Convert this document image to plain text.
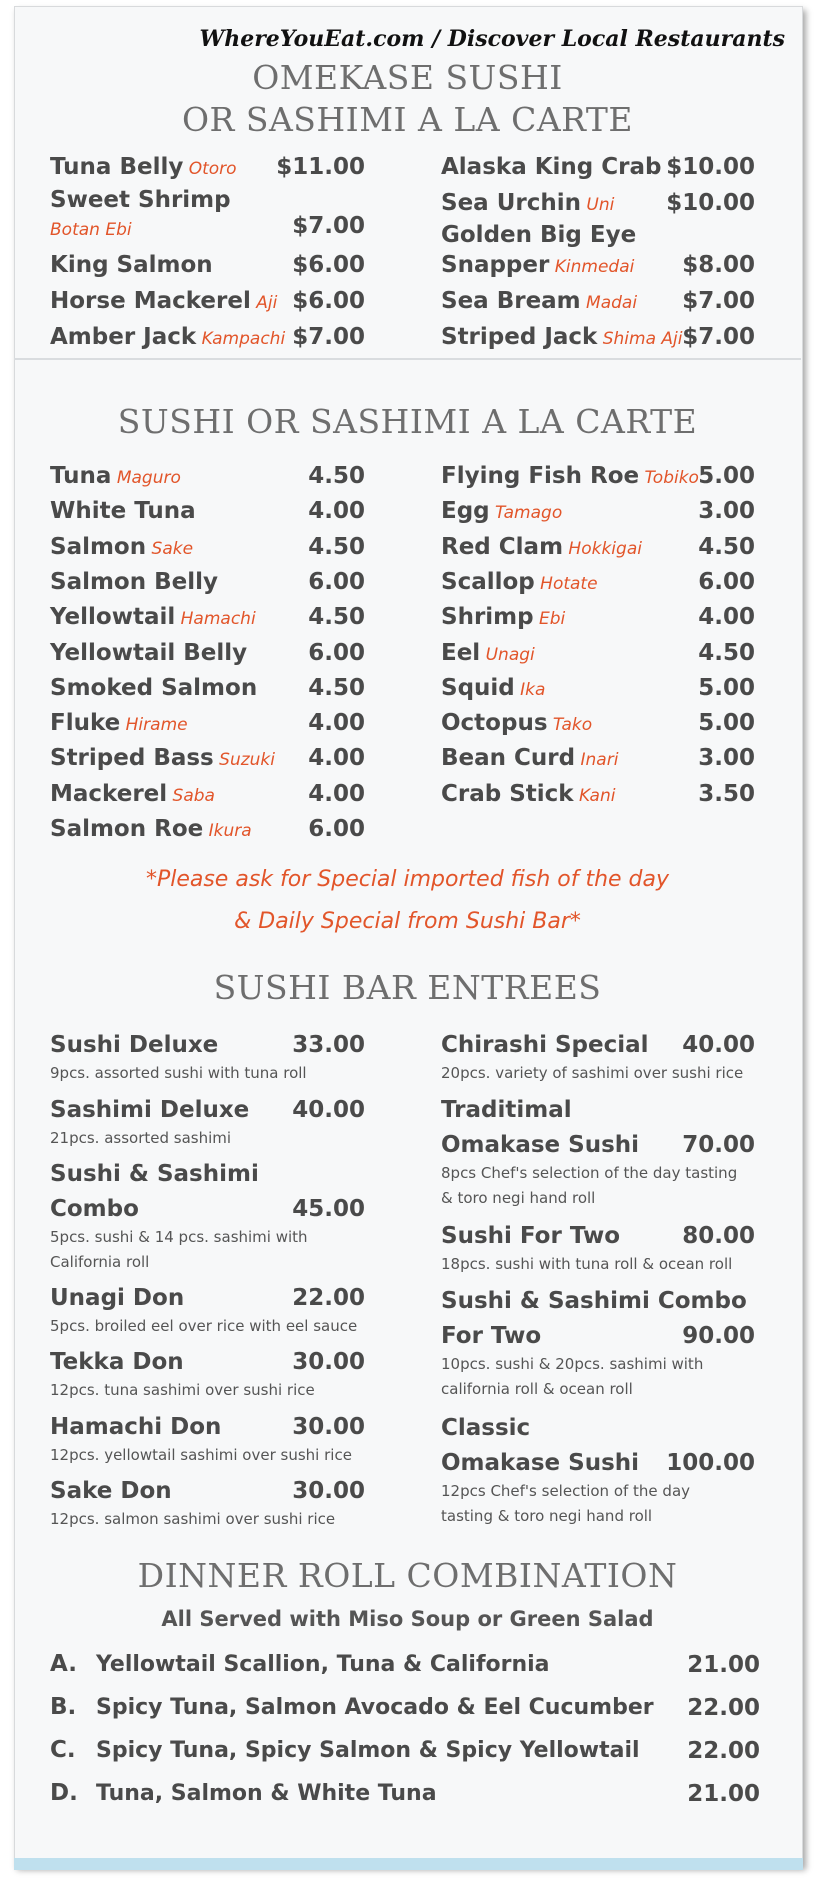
WhereYouEat.com / Discover Local Restaurants
OMEKASE SUSHI
OR SASHIMI A LA CARTE
Tuna Belly Otoro	$11.00
Sweet Shrimp
Botan Ebi	$7.00
King Salmon	$6.00
Horse Mackerel Aji $6.00
Amber Jack Kampachi $7.00
Alaska King Crab $10.00
Sea Urchin Uni	$10.00
Golden Big Eye
Snapper Kinmedai	$8.00
Sea Bream Madai	$7.00
Striped Jack Shima Aji $7.00
SUSHI OR SASHIMI A LA CARTE
Tuna Maguro	4.50
White Tuna	4.00
Salmon Sake	4.50
Salmon Belly	6.00
Yellowtail Hamachi	4.50
Yellowtail Belly	6.00
Smoked Salmon	4.50
Fluke Hirame	4.00
Striped Bass Suzuki	4.00
Mackerel Saba	4.00
Salmon Roe Ikura	6.00
Flying Fish Roe Tobiko 5.00
Egg Tamago	3.00
Red Clam Hokkigai	4.50
Scallop Hotate	6.00
Shrimp Ebi	4.00
Eel Unagi	4.50
Squid Ika	5.00
Octopus Tako	5.00
Bean Curd Inari	3.00
Crab Stick Kani	3.50
*Please ask for Special imported fish of the day
& Daily Special from Sushi Bar*
SUSHI BAR ENTREES
Sushi Deluxe	33.00
9pcs. assorted sushi with tuna roll
Sashimi Deluxe	40.00
21pcs. assorted sashimi
Sushi & Sashimi
Combo	45.00
5pcs. sushi & 14 pcs. sashimi with
California roll
Unagi Don	22.00
5pcs. broiled eel over rice with eel sauce
Tekka Don	30.00
12pcs. tuna sashimi over sushi rice
Hamachi Don	30.00
12pcs. yellowtail sashimi over sushi rice
Sake Don	30.00
12pcs. salmon sashimi over sushi rice
Chirashi Special	40.00
20pcs. variety of sashimi over sushi rice
Traditimal
Omakase Sushi	70.00
8pcs Chef's selection of the day tasting
& toro negi hand roll
Sushi For Two	80.00
18pcs. sushi with tuna roll & ocean roll
Sushi & Sashimi Combo
For Two	90.00
10pcs. sushi & 20pcs. sashimi with
california roll & ocean roll
Classic
Omakase Sushi	100.00
12pcs Chef's selection of the day
tasting & toro negi hand roll
DINNER ROLL COMBINATION
All Served with Miso Soup or Green Salad
A. Yellowtail Scallion, Tuna & California	21.00
B. Spicy Tuna, Salmon Avocado & Eel Cucumber	22.00
C. Spicy Tuna, Spicy Salmon & Spicy Yellowtail	22.00
D. Tuna, Salmon & White Tuna	21.00
